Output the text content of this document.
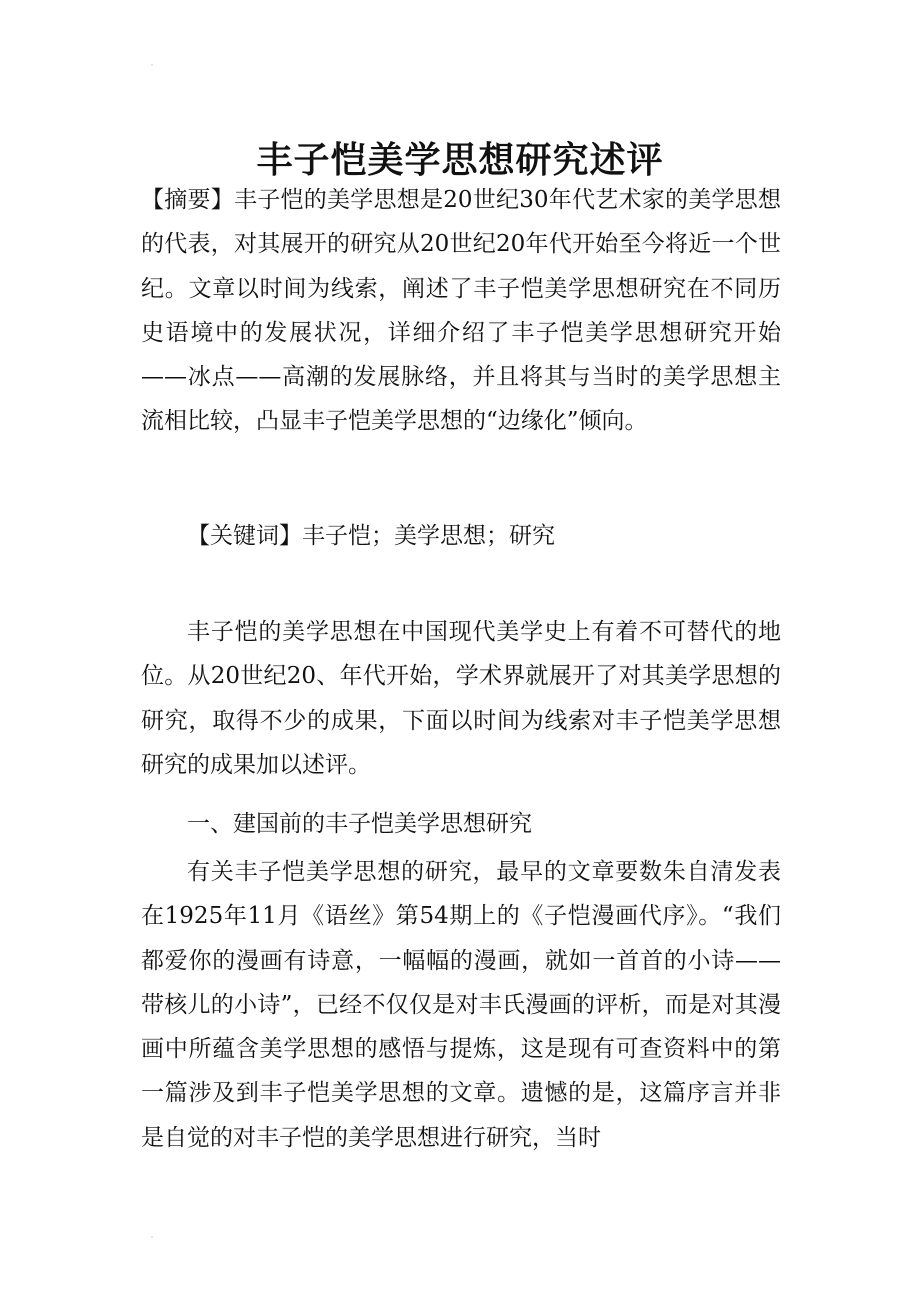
丰子恺美学思想研究述评

【摘要】丰子恺的美学思想是20世纪30年代艺术家的美学思想的代表，对其展开的研究从20世纪20年代开始至今将近一个世纪。文章以时间为线索，阐述了丰子恺美学思想研究在不同历史语境中的发展状况，详细介绍了丰子恺美学思想研究开始——冰点——高潮的发展脉络，并且将其与当时的美学思想主流相比较，凸显丰子恺美学思想的“边缘化”倾向。

【关键词】丰子恺；美学思想；研究

丰子恺的美学思想在中国现代美学史上有着不可替代的地位。从20世纪20、年代开始，学术界就展开了对其美学思想的研究，取得不少的成果，下面以时间为线索对丰子恺美学思想研究的成果加以述评。

一、建国前的丰子恺美学思想研究

有关丰子恺美学思想的研究，最早的文章要数朱自清发表在1925年11月《语丝》第54期上的《子恺漫画代序》。“我们都爱你的漫画有诗意，一幅幅的漫画，就如一首首的小诗——带核儿的小诗”，已经不仅仅是对丰氏漫画的评析，而是对其漫画中所蕴含美学思想的感悟与提炼，这是现有可查资料中的第一篇涉及到丰子恺美学思想的文章。遗憾的是，这篇序言并非是自觉的对丰子恺的美学思想进行研究，当时
